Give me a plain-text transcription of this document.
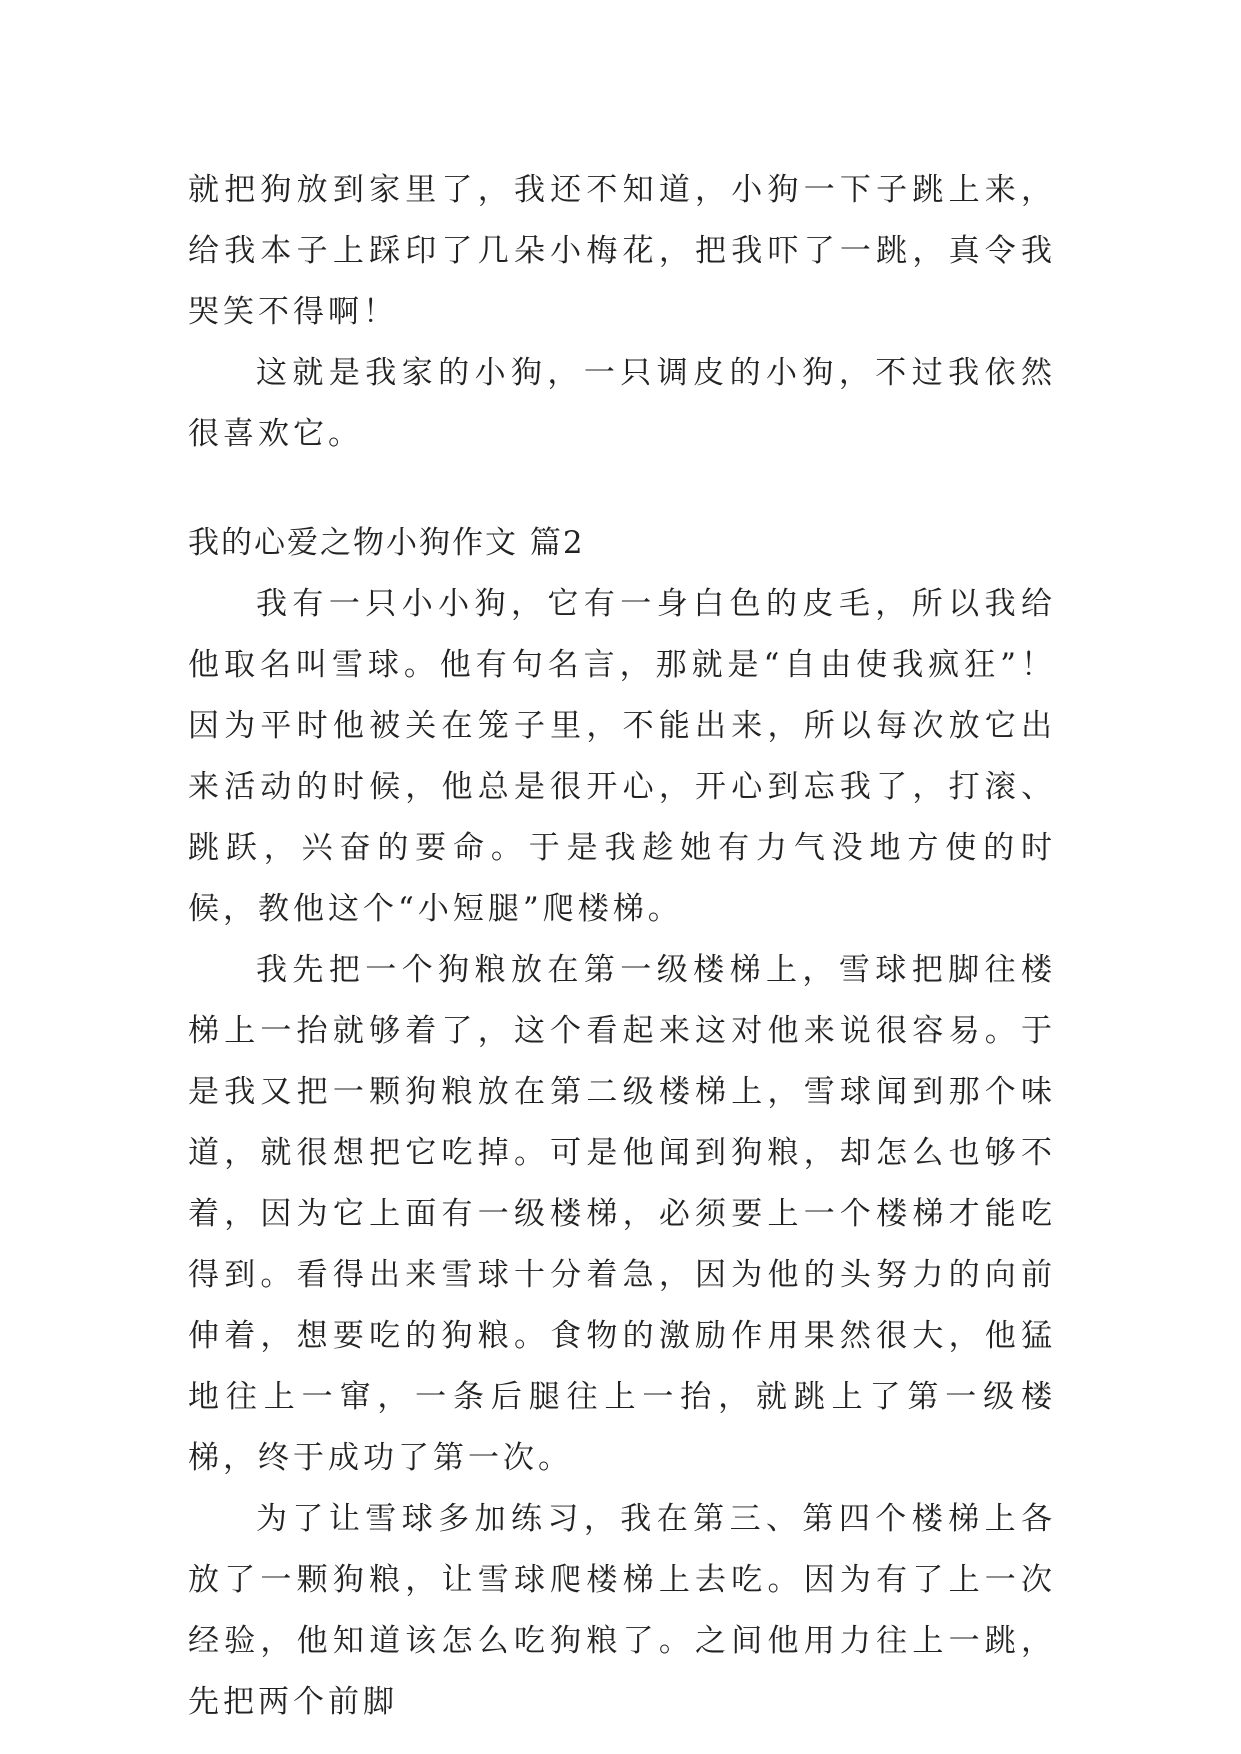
就把狗放到家里了，我还不知道，小狗一下子跳上来，给我本子上踩印了几朵小梅花，把我吓了一跳，真令我哭笑不得啊！

这就是我家的小狗，一只调皮的小狗，不过我依然很喜欢它。

我的心爱之物小狗作文 篇2

我有一只小小狗，它有一身白色的皮毛，所以我给他取名叫雪球。他有句名言，那就是“自由使我疯狂”！因为平时他被关在笼子里，不能出来，所以每次放它出来活动的时候，他总是很开心，开心到忘我了，打滚、跳跃，兴奋的要命。于是我趁她有力气没地方使的时候，教他这个“小短腿”爬楼梯。

我先把一个狗粮放在第一级楼梯上，雪球把脚往楼梯上一抬就够着了，这个看起来这对他来说很容易。于是我又把一颗狗粮放在第二级楼梯上，雪球闻到那个味道，就很想把它吃掉。可是他闻到狗粮，却怎么也够不着，因为它上面有一级楼梯，必须要上一个楼梯才能吃得到。看得出来雪球十分着急，因为他的头努力的向前伸着，想要吃的狗粮。食物的激励作用果然很大，他猛地往上一窜，一条后腿往上一抬，就跳上了第一级楼梯，终于成功了第一次。

为了让雪球多加练习，我在第三、第四个楼梯上各放了一颗狗粮，让雪球爬楼梯上去吃。因为有了上一次经验，他知道该怎么吃狗粮了。之间他用力往上一跳，先把两个前脚
